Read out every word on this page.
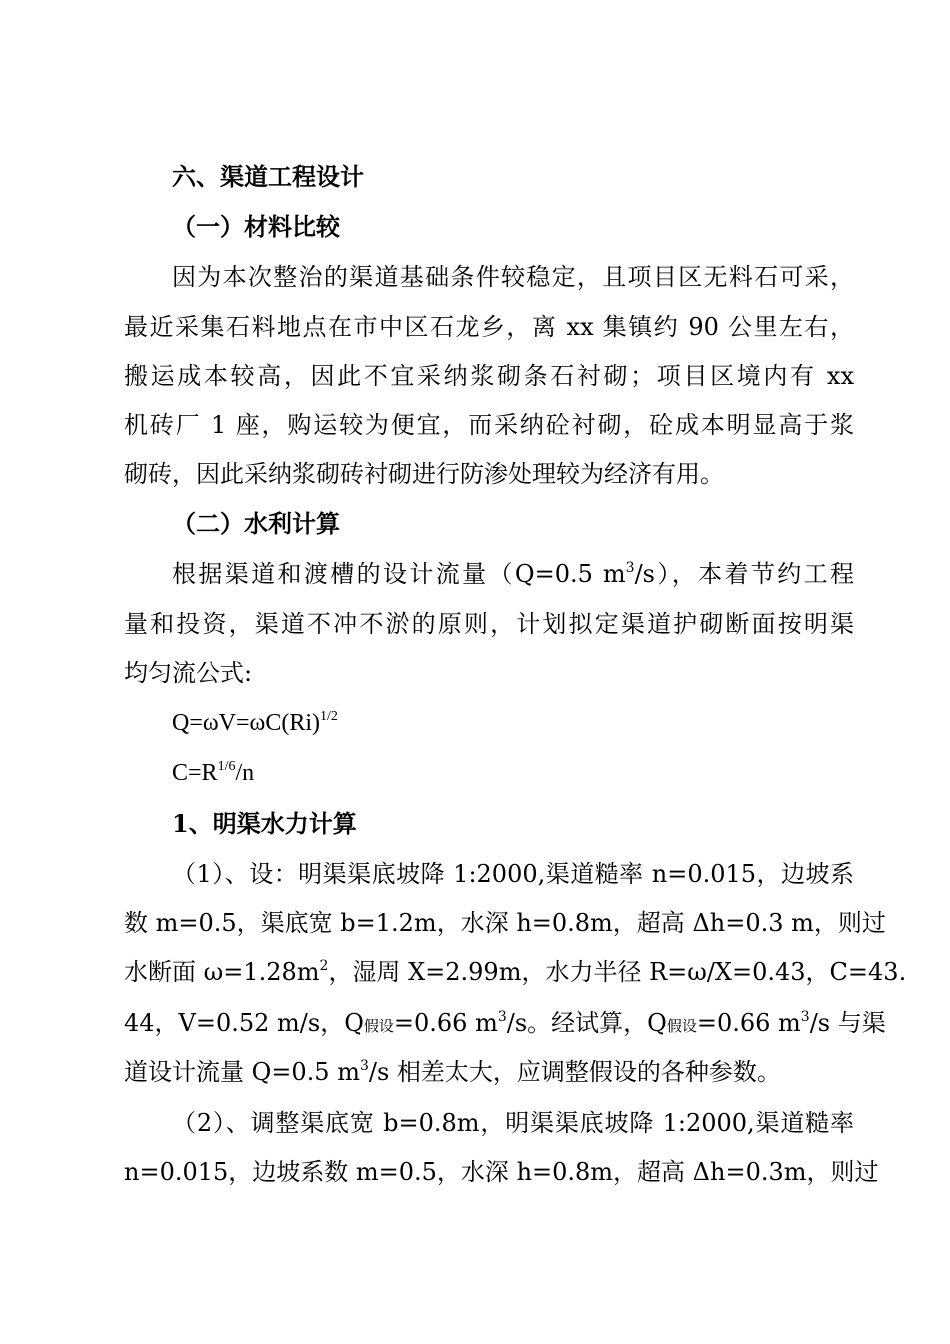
六、渠道工程设计
（一）材料比较
因为本次整治的渠道基础条件较稳定，且项目区无料石可采，
最近采集石料地点在市中区石龙乡，离 xx 集镇约 90 公里左右，
搬运成本较高，因此不宜采纳浆砌条石衬砌；项目区境内有 xx
机砖厂 1 座，购运较为便宜，而采纳砼衬砌，砼成本明显高于浆
砌砖，因此采纳浆砌砖衬砌进行防渗处理较为经济有用。
（二）水利计算
根据渠道和渡槽的设计流量（Q=0.5 $m^3/s$），本着节约工程
量和投资，渠道不冲不淤的原则，计划拟定渠道护砌断面按明渠
均匀流公式:
$Q=\omega V=\omega C(Ri)^{1/2}$
$C=R^{1/6}/n$
1、明渠水力计算
（1）、设：明渠渠底坡降 1:2000,渠道糙率 n=0.015，边坡系
数 m=0.5，渠底宽 b=1.2m，水深 h=0.8m，超高 Δh=0.3 m，则过
水断面 $\omega=1.28m^2$，湿周 X=2.99m，水力半径 R=ω/X=0.43，C=43.
44，V=0.52 m/s，Q假设=0.66 $m^3/s$。经试算，Q假设=0.66 $m^3/s$ 与渠
道设计流量 Q=0.5 $m^3/s$ 相差太大，应调整假设的各种参数。
（2）、调整渠底宽 b=0.8m，明渠渠底坡降 1:2000,渠道糙率
n=0.015，边坡系数 m=0.5，水深 h=0.8m，超高 Δh=0.3m，则过
